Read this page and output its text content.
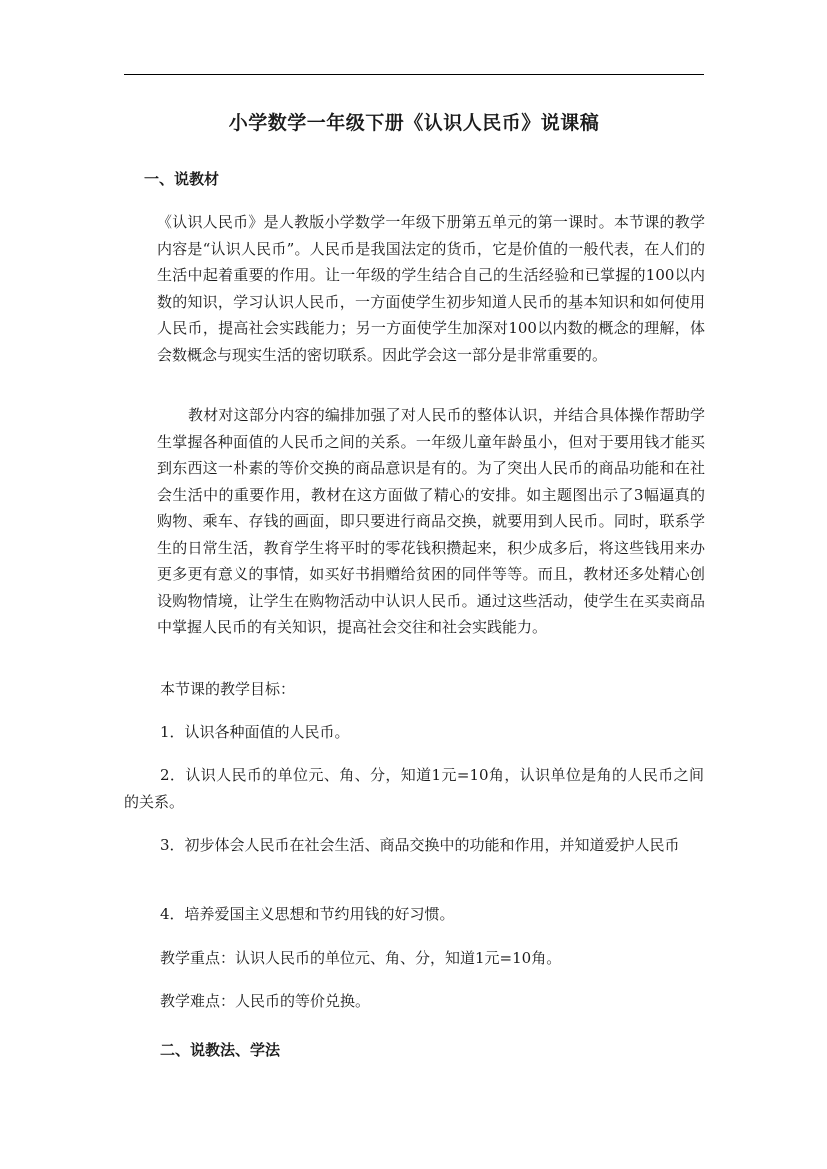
小学数学一年级下册《认识人民币》说课稿
一、说教材
《认识人民币》是人教版小学数学一年级下册第五单元的第一课时。本节课的教学内容是“认识人民币”。人民币是我国法定的货币，它是价值的一般代表，在人们的生活中起着重要的作用。让一年级的学生结合自己的生活经验和已掌握的100以内数的知识，学习认识人民币，一方面使学生初步知道人民币的基本知识和如何使用人民币，提高社会实践能力；另一方面使学生加深对100以内数的概念的理解，体会数概念与现实生活的密切联系。因此学会这一部分是非常重要的。
教材对这部分内容的编排加强了对人民币的整体认识，并结合具体操作帮助学生掌握各种面值的人民币之间的关系。一年级儿童年龄虽小，但对于要用钱才能买到东西这一朴素的等价交换的商品意识是有的。为了突出人民币的商品功能和在社会生活中的重要作用，教材在这方面做了精心的安排。如主题图出示了3幅逼真的购物、乘车、存钱的画面，即只要进行商品交换，就要用到人民币。同时，联系学生的日常生活，教育学生将平时的零花钱积攒起来，积少成多后，将这些钱用来办更多更有意义的事情，如买好书捐赠给贫困的同伴等等。而且，教材还多处精心创设购物情境，让学生在购物活动中认识人民币。通过这些活动，使学生在买卖商品中掌握人民币的有关知识，提高社会交往和社会实践能力。
本节课的教学目标：
1．认识各种面值的人民币。
2．认识人民币的单位元、角、分，知道1元=10角，认识单位是角的人民币之间的关系。
3．初步体会人民币在社会生活、商品交换中的功能和作用，并知道爱护人民币
4．培养爱国主义思想和节约用钱的好习惯。
教学重点：认识人民币的单位元、角、分，知道1元=10角。
教学难点：人民币的等价兑换。
二、说教法、学法
